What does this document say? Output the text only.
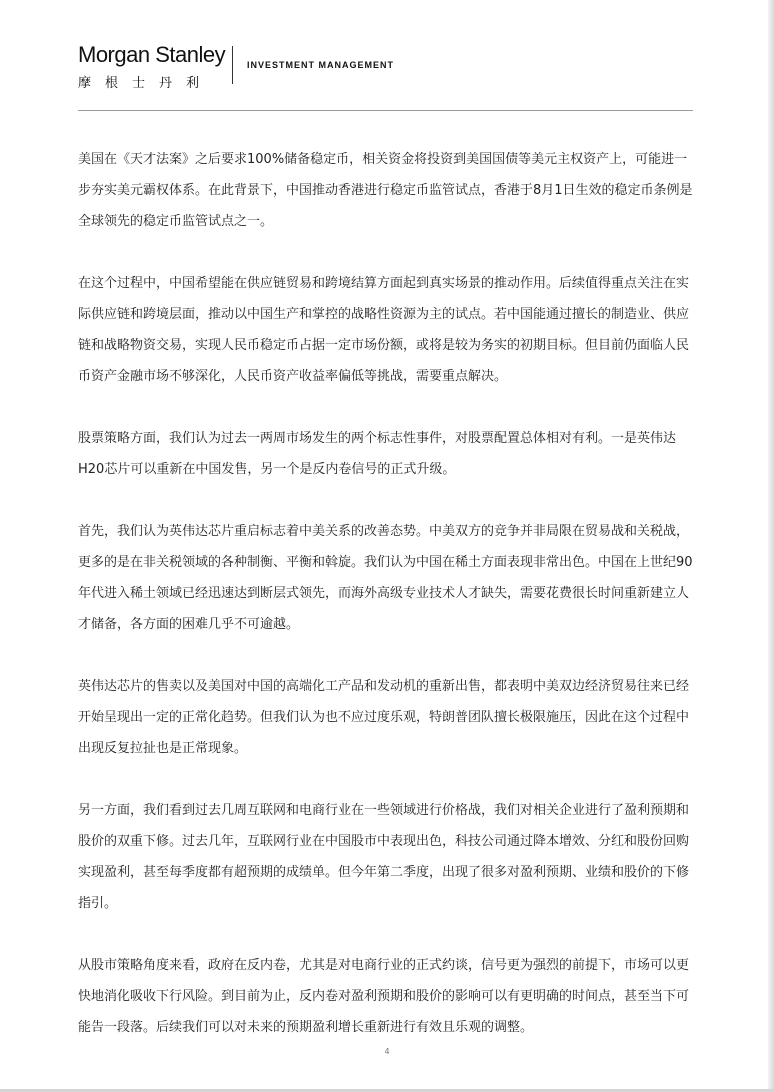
Morgan Stanley
摩根士丹利
INVESTMENT MANAGEMENT

美国在《天才法案》之后要求100%储备稳定币，相关资金将投资到美国国债等美元主权资产上，可能进一步夯实美元霸权体系。在此背景下，中国推动香港进行稳定币监管试点，香港于8月1日生效的稳定币条例是全球领先的稳定币监管试点之一。

在这个过程中，中国希望能在供应链贸易和跨境结算方面起到真实场景的推动作用。后续值得重点关注在实际供应链和跨境层面，推动以中国生产和掌控的战略性资源为主的试点。若中国能通过擅长的制造业、供应链和战略物资交易，实现人民币稳定币占据一定市场份额，或将是较为务实的初期目标。但目前仍面临人民币资产金融市场不够深化，人民币资产收益率偏低等挑战，需要重点解决。

股票策略方面，我们认为过去一两周市场发生的两个标志性事件，对股票配置总体相对有利。一是英伟达H20芯片可以重新在中国发售，另一个是反内卷信号的正式升级。

首先，我们认为英伟达芯片重启标志着中美关系的改善态势。中美双方的竞争并非局限在贸易战和关税战，更多的是在非关税领域的各种制衡、平衡和斡旋。我们认为中国在稀土方面表现非常出色。中国在上世纪90年代进入稀土领域已经迅速达到断层式领先，而海外高级专业技术人才缺失，需要花费很长时间重新建立人才储备，各方面的困难几乎不可逾越。

英伟达芯片的售卖以及美国对中国的高端化工产品和发动机的重新出售，都表明中美双边经济贸易往来已经开始呈现出一定的正常化趋势。但我们认为也不应过度乐观，特朗普团队擅长极限施压，因此在这个过程中出现反复拉扯也是正常现象。

另一方面，我们看到过去几周互联网和电商行业在一些领域进行价格战，我们对相关企业进行了盈利预期和股价的双重下修。过去几年，互联网行业在中国股市中表现出色，科技公司通过降本增效、分红和股份回购实现盈利，甚至每季度都有超预期的成绩单。但今年第二季度，出现了很多对盈利预期、业绩和股价的下修指引。

从股市策略角度来看，政府在反内卷，尤其是对电商行业的正式约谈，信号更为强烈的前提下，市场可以更快地消化吸收下行风险。到目前为止，反内卷对盈利预期和股价的影响可以有更明确的时间点，甚至当下可能告一段落。后续我们可以对未来的预期盈利增长重新进行有效且乐观的调整。

4
